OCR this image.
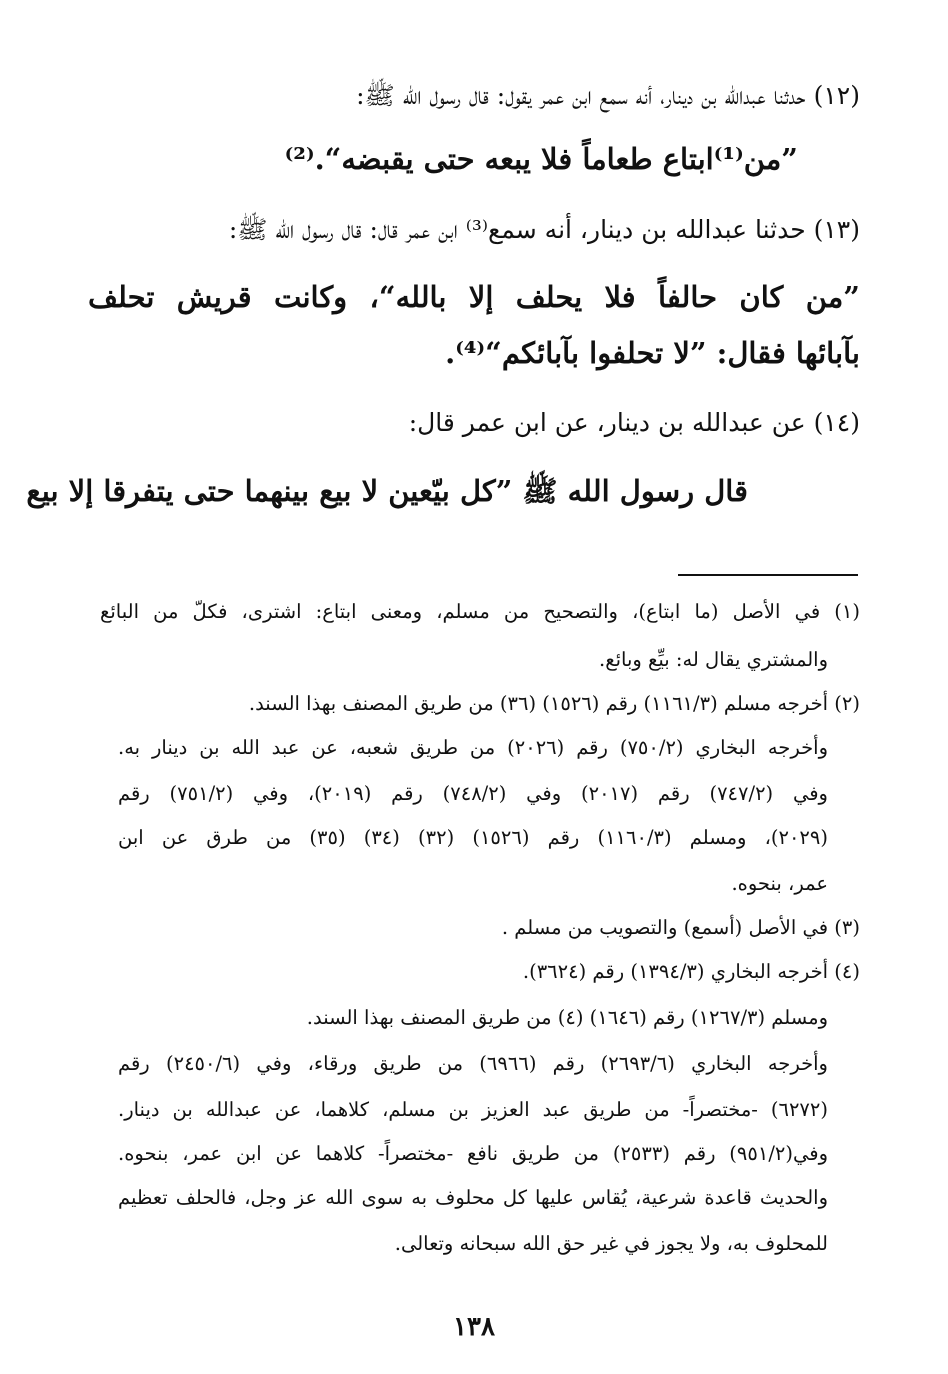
(١٢) حدثنا عبدالله بن دينار، أنه سمع ابن عمر يقول: قال رسول الله ﷺ:
”من⁽¹⁾ابتاع طعاماً فلا يبعه حتى يقبضه“.⁽²⁾
(١٣) حدثنا عبدالله بن دينار، أنه سمع⁽³⁾ ابن عمر قال: قال رسول الله ﷺ:
”من كان حالفاً فلا يحلف إلا بالله“، وكانت قريش تحلف
بآبائها فقال: ”لا تحلفوا بآبائكم“⁽⁴⁾.
(١٤) عن عبدالله بن دينار، عن ابن عمر قال:
قال رسول الله ﷺ ”كل بيّعين لا بيع بينهما حتى يتفرقا إلا بيع
(١) في الأصل (ما ابتاع)، والتصحيح من مسلم، ومعنى ابتاع: اشترى، فكلّ من البائع
والمشتري يقال له: بيِّع وبائع.
(٢) أخرجه مسلم (١١٦١/٣) رقم (١٥٢٦) (٣٦) من طريق المصنف بهذا السند.
وأخرجه البخاري (٧٥٠/٢) رقم (٢٠٢٦) من طريق شعبه، عن عبد الله بن دينار به.
وفي (٧٤٧/٢) رقم (٢٠١٧) وفي (٧٤٨/٢) رقم (٢٠١٩)، وفي (٧٥١/٢) رقم
(٢٠٢٩)، ومسلم (١١٦٠/٣) رقم (١٥٢٦) (٣٢) (٣٤) (٣٥) من طرق عن ابن
عمر، بنحوه.
(٣) في الأصل (أسمع) والتصويب من مسلم .
(٤) أخرجه البخاري (١٣٩٤/٣) رقم (٣٦٢٤).
ومسلم (١٢٦٧/٣) رقم (١٦٤٦) (٤) من طريق المصنف بهذا السند.
وأخرجه البخاري (٢٦٩٣/٦) رقم (٦٩٦٦) من طريق ورقاء، وفي (٢٤٥٠/٦) رقم
(٦٢٧٢) -مختصراً- من طريق عبد العزيز بن مسلم، كلاهما، عن عبدالله بن دينار.
وفي(٩٥١/٢) رقم (٢٥٣٣) من طريق نافع -مختصراً- كلاهما عن ابن عمر، بنحوه.
والحديث قاعدة شرعية، يُقاس عليها كل محلوف به سوى الله عز وجل، فالحلف تعظيم
للمحلوف به، ولا يجوز في غير حق الله سبحانه وتعالى.
١٣٨
